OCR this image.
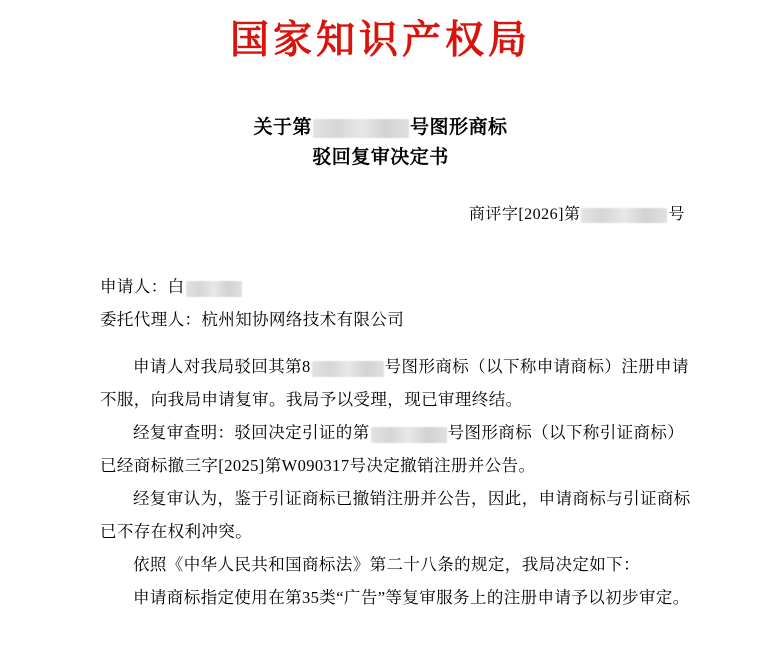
国家知识产权局
关于第	号图形商标
驳回复审决定书
商评字[2026]第	号
申请人：白
委托代理人：杭州知协网络技术有限公司

申请人对我局驳回其第8	号图形商标（以下称申请商标）注册申请不服，向我局申请复审。我局予以受理，现已审理终结。

经复审查明：驳回决定引证的第	号图形商标（以下称引证商标）已经商标撤三字[2025]第W090317号决定撤销注册并公告。

经复审认为，鉴于引证商标已撤销注册并公告，因此，申请商标与引证商标已不存在权利冲突。

依照《中华人民共和国商标法》第二十八条的规定，我局决定如下：

申请商标指定使用在第35类“广告”等复审服务上的注册申请予以初步审定。
